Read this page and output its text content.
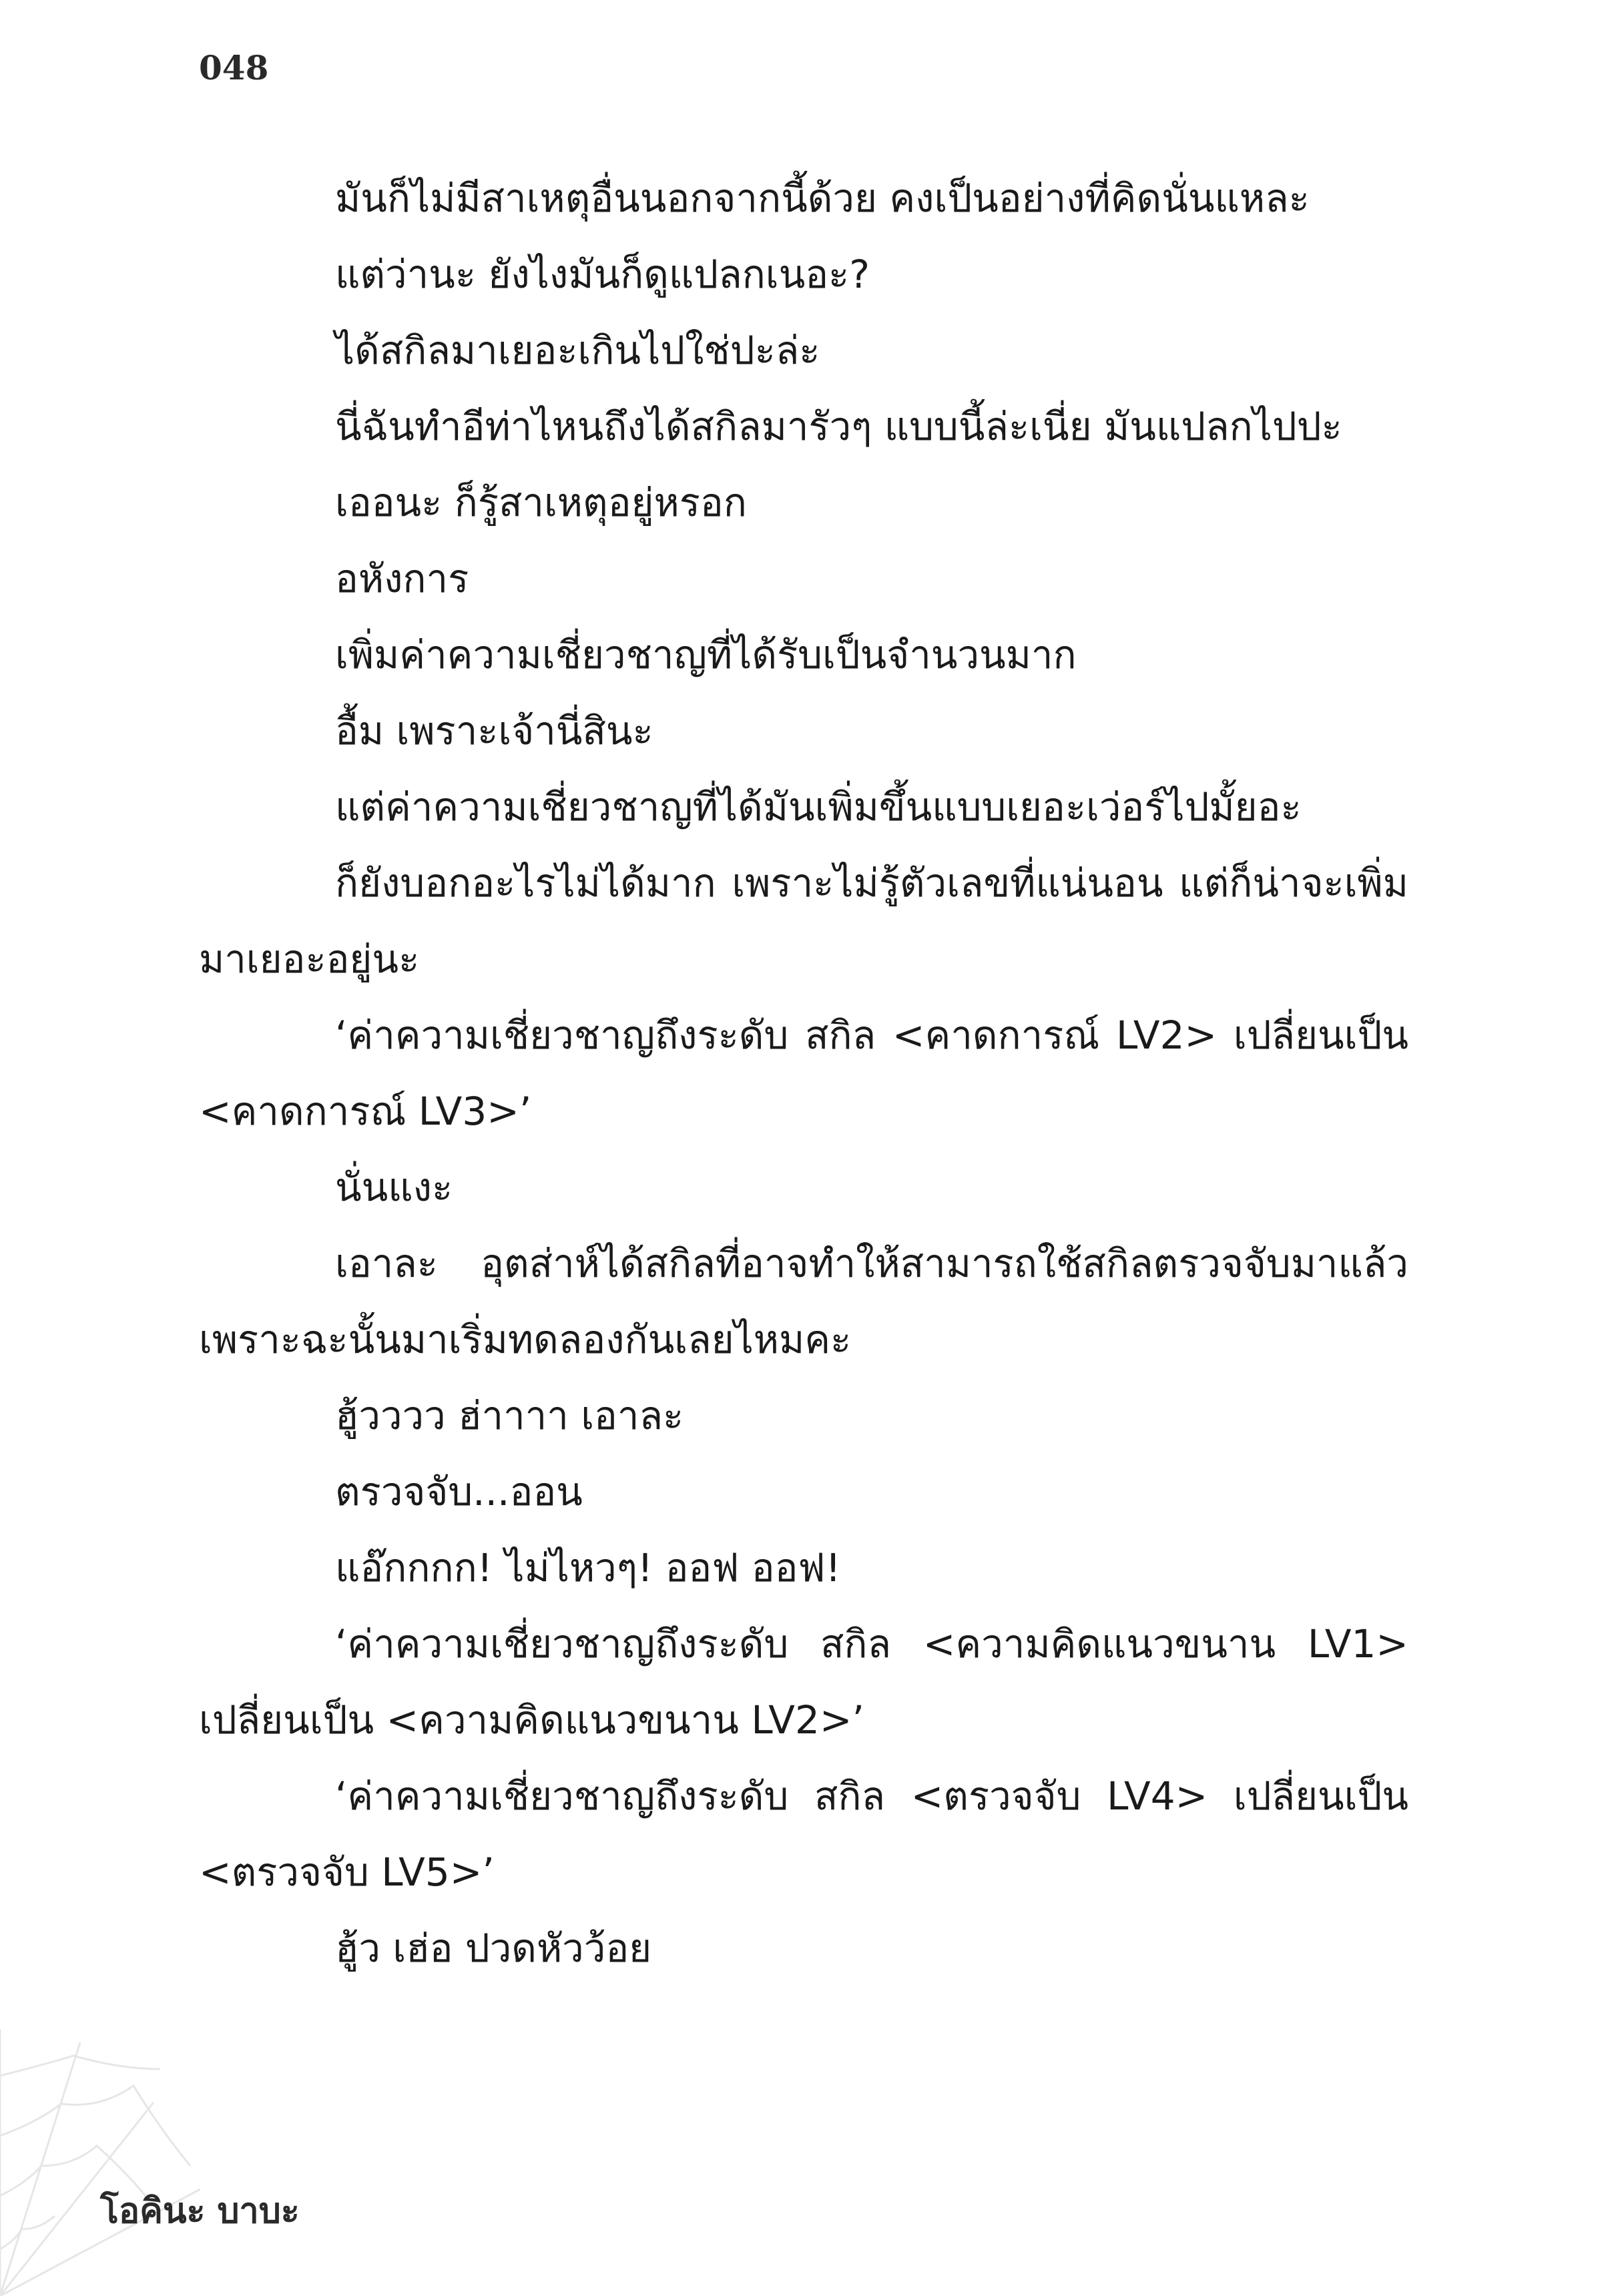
048

มันก็ไม่มีสาเหตุอื่นนอกจากนี้ด้วย คงเป็นอย่างที่คิดนั่นแหละ

แต่ว่านะ ยังไงมันก็ดูแปลกเนอะ?

ได้สกิลมาเยอะเกินไปใช่ปะล่ะ

นี่ฉันทำอีท่าไหนถึงได้สกิลมารัวๆ แบบนี้ล่ะเนี่ย มันแปลกไปปะ

เออนะ ก็รู้สาเหตุอยู่หรอก

อหังการ

เพิ่มค่าความเชี่ยวชาญที่ได้รับเป็นจำนวนมาก

อื้ม เพราะเจ้านี่สินะ

แต่ค่าความเชี่ยวชาญที่ได้มันเพิ่มขึ้นแบบเยอะเว่อร์ไปมั้ยอะ

ก็ยังบอกอะไรไม่ได้มาก เพราะไม่รู้ตัวเลขที่แน่นอน แต่ก็น่าจะเพิ่มมาเยอะอยู่นะ

‘ค่าความเชี่ยวชาญถึงระดับ สกิล <คาดการณ์ LV2> เปลี่ยนเป็น <คาดการณ์ LV3>’

นั่นแงะ

เอาละ อุตส่าห์ได้สกิลที่อาจทำให้สามารถใช้สกิลตรวจจับมาแล้ว เพราะฉะนั้นมาเริ่มทดลองกันเลยไหมคะ

ฮู้วววว ฮ่าาาา เอาละ

ตรวจจับ...ออน

แอ๊กกกก! ไม่ไหวๆ! ออฟ ออฟ!

‘ค่าความเชี่ยวชาญถึงระดับ สกิล <ความคิดแนวขนาน LV1> เปลี่ยนเป็น <ความคิดแนวขนาน LV2>’

‘ค่าความเชี่ยวชาญถึงระดับ สกิล <ตรวจจับ LV4> เปลี่ยนเป็น <ตรวจจับ LV5>’

ฮู้ว เฮ่อ ปวดหัวว้อย

โอคินะ บาบะ
